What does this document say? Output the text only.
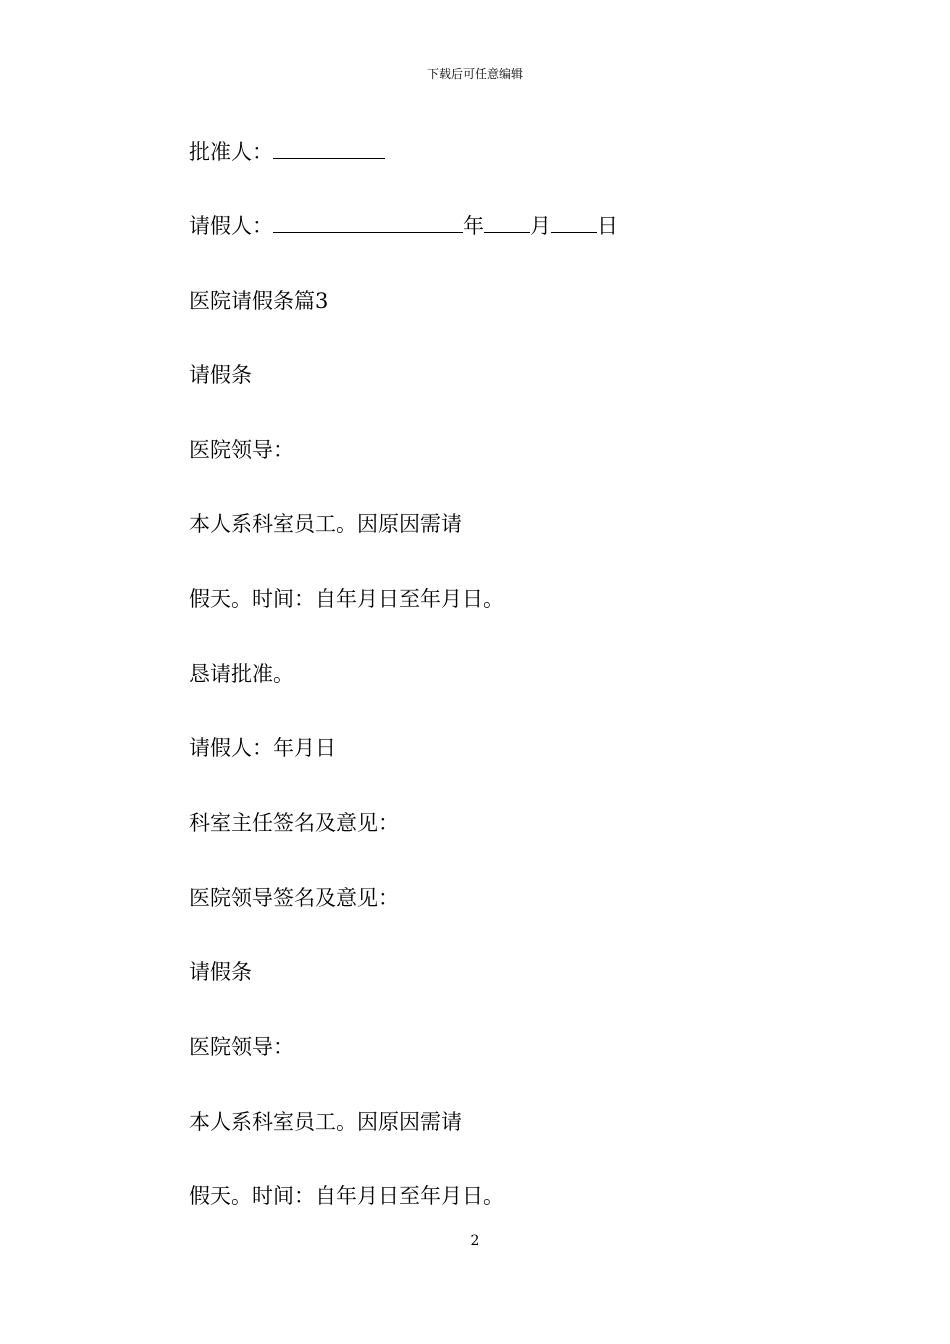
下载后可任意编辑
批准人：
请假人：	年 月 日
医院请假条篇3
请假条
医院领导：
本人系科室员工。因原因需请
假天。时间：自年月日至年月日。
恳请批准。
请假人：年月日
科室主任签名及意见：
医院领导签名及意见：
请假条
医院领导：
本人系科室员工。因原因需请
假天。时间：自年月日至年月日。
2
